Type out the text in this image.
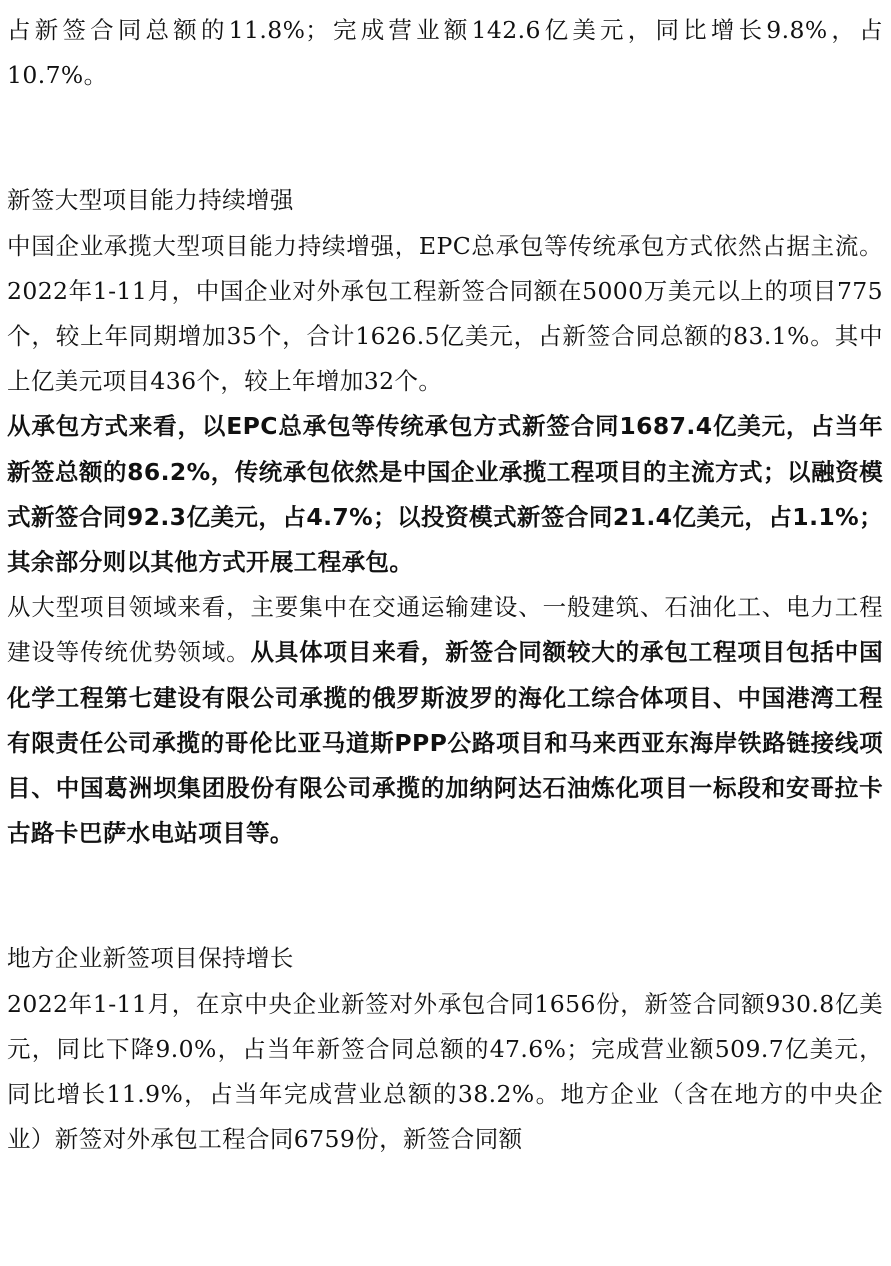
占新签合同总额的11.8%；完成营业额142.6亿美元，同比增长9.8%，占10.7%。

新签大型项目能力持续增强

中国企业承揽大型项目能力持续增强，EPC总承包等传统承包方式依然占据主流。2022年1-11月，中国企业对外承包工程新签合同额在5000万美元以上的项目775个，较上年同期增加35个，合计1626.5亿美元，占新签合同总额的83.1%。其中上亿美元项目436个，较上年增加32个。

从承包方式来看，以EPC总承包等传统承包方式新签合同1687.4亿美元，占当年新签总额的86.2%，传统承包依然是中国企业承揽工程项目的主流方式；以融资模式新签合同92.3亿美元，占4.7%；以投资模式新签合同21.4亿美元，占1.1%；其余部分则以其他方式开展工程承包。

从大型项目领域来看，主要集中在交通运输建设、一般建筑、石油化工、电力工程建设等传统优势领域。从具体项目来看，新签合同额较大的承包工程项目包括中国化学工程第七建设有限公司承揽的俄罗斯波罗的海化工综合体项目、中国港湾工程有限责任公司承揽的哥伦比亚马道斯PPP公路项目和马来西亚东海岸铁路链接线项目、中国葛洲坝集团股份有限公司承揽的加纳阿达石油炼化项目一标段和安哥拉卡古路卡巴萨水电站项目等。

地方企业新签项目保持增长

2022年1-11月，在京中央企业新签对外承包合同1656份，新签合同额930.8亿美元，同比下降9.0%，占当年新签合同总额的47.6%；完成营业额509.7亿美元，同比增长11.9%，占当年完成营业总额的38.2%。地方企业（含在地方的中央企业）新签对外承包工程合同6759份，新签合同额
